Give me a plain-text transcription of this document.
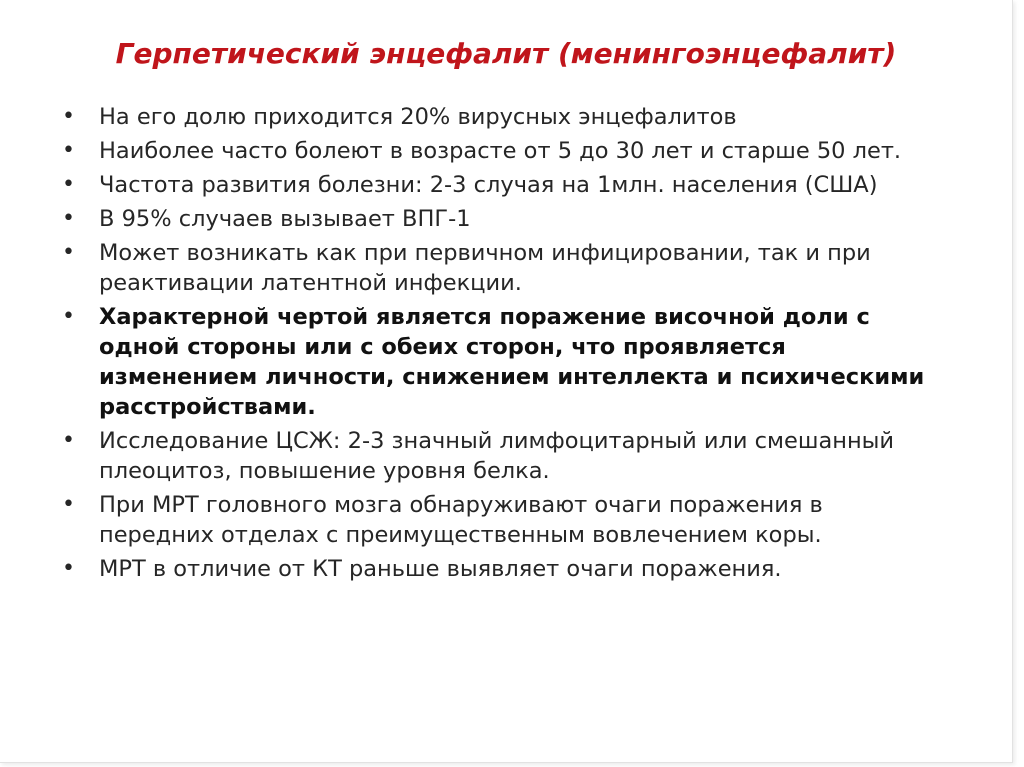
Герпетический энцефалит (менингоэнцефалит)
•	На его долю приходится 20% вирусных энцефалитов
•	Наиболее часто болеют в возрасте от 5 до 30 лет и старше 50 лет.
•	Частота развития болезни: 2-3 случая на 1млн. населения (США)
•	В 95% случаев вызывает ВПГ-1
•	Может возникать как при первичном инфицировании, так и при реактивации латентной инфекции.
•	Характерной чертой является поражение височной доли с одной стороны или с обеих сторон, что проявляется изменением личности, снижением интеллекта и психическими расстройствами.
•	Исследование ЦСЖ: 2-3 значный лимфоцитарный или смешанный плеоцитоз, повышение уровня белка.
•	При МРТ головного мозга обнаруживают очаги поражения в передних отделах с преимущественным вовлечением коры.
•	МРТ в отличие от КТ раньше выявляет очаги поражения.
